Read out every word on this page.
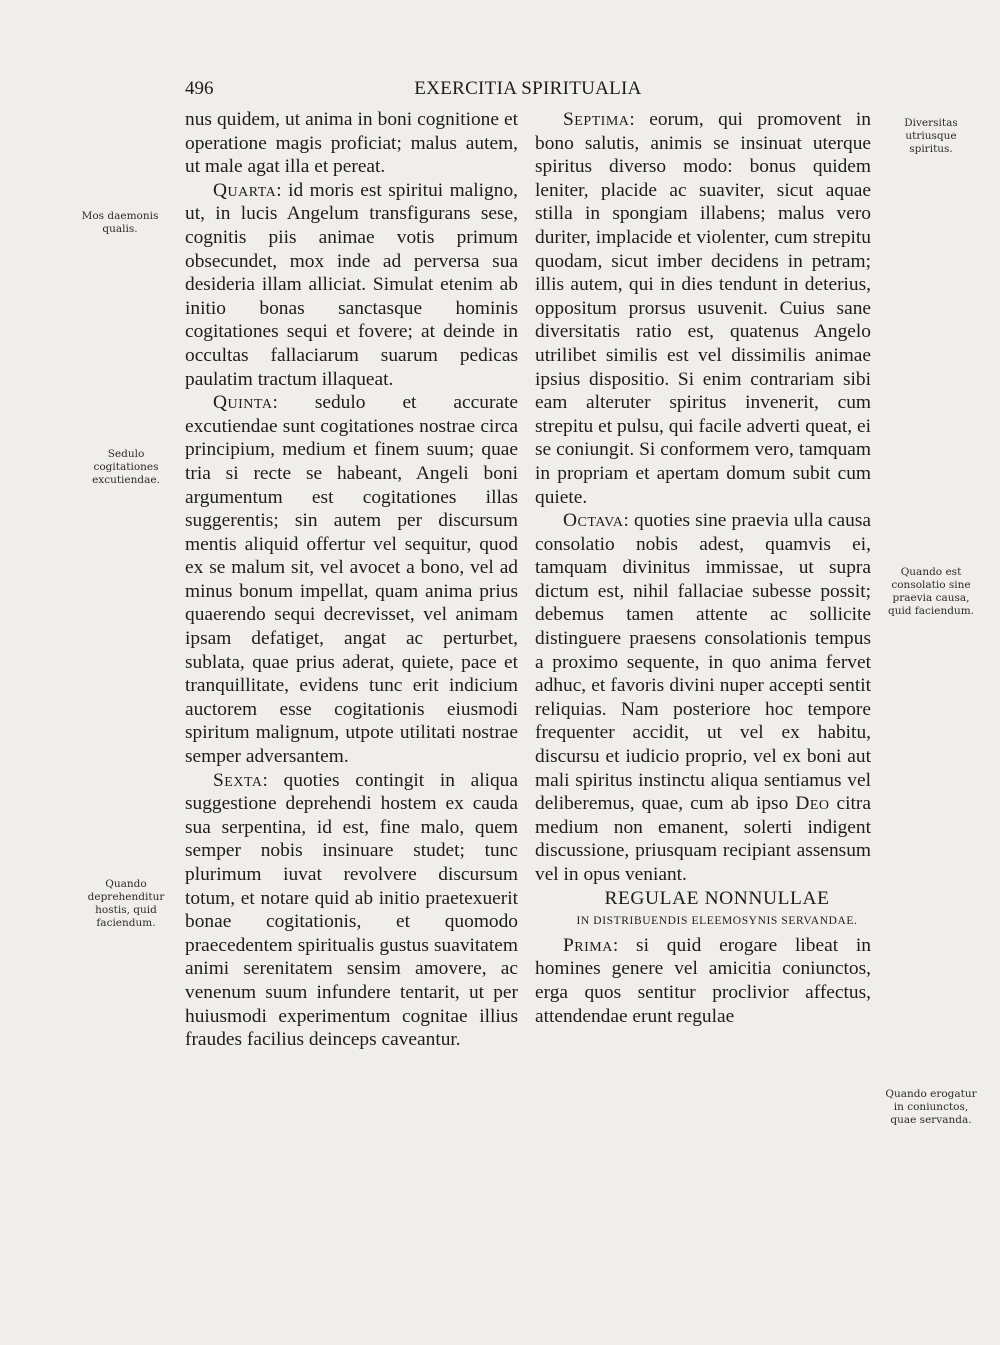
496	EXERCITIA SPIRITUALIA

nus quidem, ut anima in boni cognitione et operatione magis proficiat; malus autem, ut male agat illa et pereat.

Quarta: id moris est spiritui maligno, ut, in lucis Angelum transfigurans sese, cognitis piis animae votis primum obsecundet, mox inde ad perversa sua desideria illam alliciat. Simulat etenim ab initio bonas sanctasque hominis cogitationes sequi et fovere; at deinde in occultas fallaciarum suarum pedicas paulatim tractum illaqueat.

Quinta: sedulo et accurate excutiendae sunt cogitationes nostrae circa principium, medium et finem suum; quae tria si recte se habeant, Angeli boni argumentum est cogitationes illas suggerentis; sin autem per discursum mentis aliquid offertur vel sequitur, quod ex se malum sit, vel avocet a bono, vel ad minus bonum impellat, quam anima prius quaerendo sequi decrevisset, vel animam ipsam defatiget, angat ac perturbet, sublata, quae prius aderat, quiete, pace et tranquillitate, evidens tunc erit indicium auctorem esse cogitationis eiusmodi spiritum malignum, utpote utilitati nostrae semper adversantem.

Sexta: quoties contingit in aliqua suggestione deprehendi hostem ex cauda sua serpentina, id est, fine malo, quem semper nobis insinuare studet; tunc plurimum iuvat revolvere discursum totum, et notare quid ab initio praetexuerit bonae cogitationis, et quomodo praecedentem spiritualis gustus suavitatem animi serenitatem sensim amovere, ac venenum suum infundere tentarit, ut per huiusmodi experimentum cognitae illius fraudes facilius deinceps caveantur.

Septima: eorum, qui promovent in bono salutis, animis se insinuat uterque spiritus diverso modo: bonus quidem leniter, placide ac suaviter, sicut aquae stilla in spongiam illabens; malus vero duriter, implacide et violenter, cum strepitu quodam, sicut imber decidens in petram; illis autem, qui in dies tendunt in deterius, oppositum prorsus usuvenit. Cuius sane diversitatis ratio est, quatenus Angelo utrilibet similis est vel dissimilis animae ipsius dispositio. Si enim contrariam sibi eam alteruter spiritus invenerit, cum strepitu et pulsu, qui facile adverti queat, ei se coniungit. Si conformem vero, tamquam in propriam et apertam domum subit cum quiete.

Octava: quoties sine praevia ulla causa consolatio nobis adest, quamvis ei, tamquam divinitus immissae, ut supra dictum est, nihil fallaciae subesse possit; debemus tamen attente ac sollicite distinguere praesens consolationis tempus a proximo sequente, in quo anima fervet adhuc, et favoris divini nuper accepti sentit reliquias. Nam posteriore hoc tempore frequenter accidit, ut vel ex habitu, discursu et iudicio proprio, vel ex boni aut mali spiritus instinctu aliqua sentiamus vel deliberemus, quae, cum ab ipso Deo citra medium non emanent, solerti indigent discussione, priusquam recipiant assensum vel in opus veniant.

REGULAE NONNULLAE

IN DISTRIBUENDIS ELEEMOSYNIS SERVANDAE.

Prima: si quid erogare libeat in homines genere vel amicitia coniunctos, erga quos sentitur proclivior affectus, attendendae erunt regulae

Mos daemonis qualis.
Sedulo cogitationes excutiendae.
Quando deprehenditur hostis, quid faciendum.
Diversitas utriusque spiritus.
Quando est consolatio sine praevia causa, quid faciendum.
Quando erogatur in coniunctos, quae servanda.
